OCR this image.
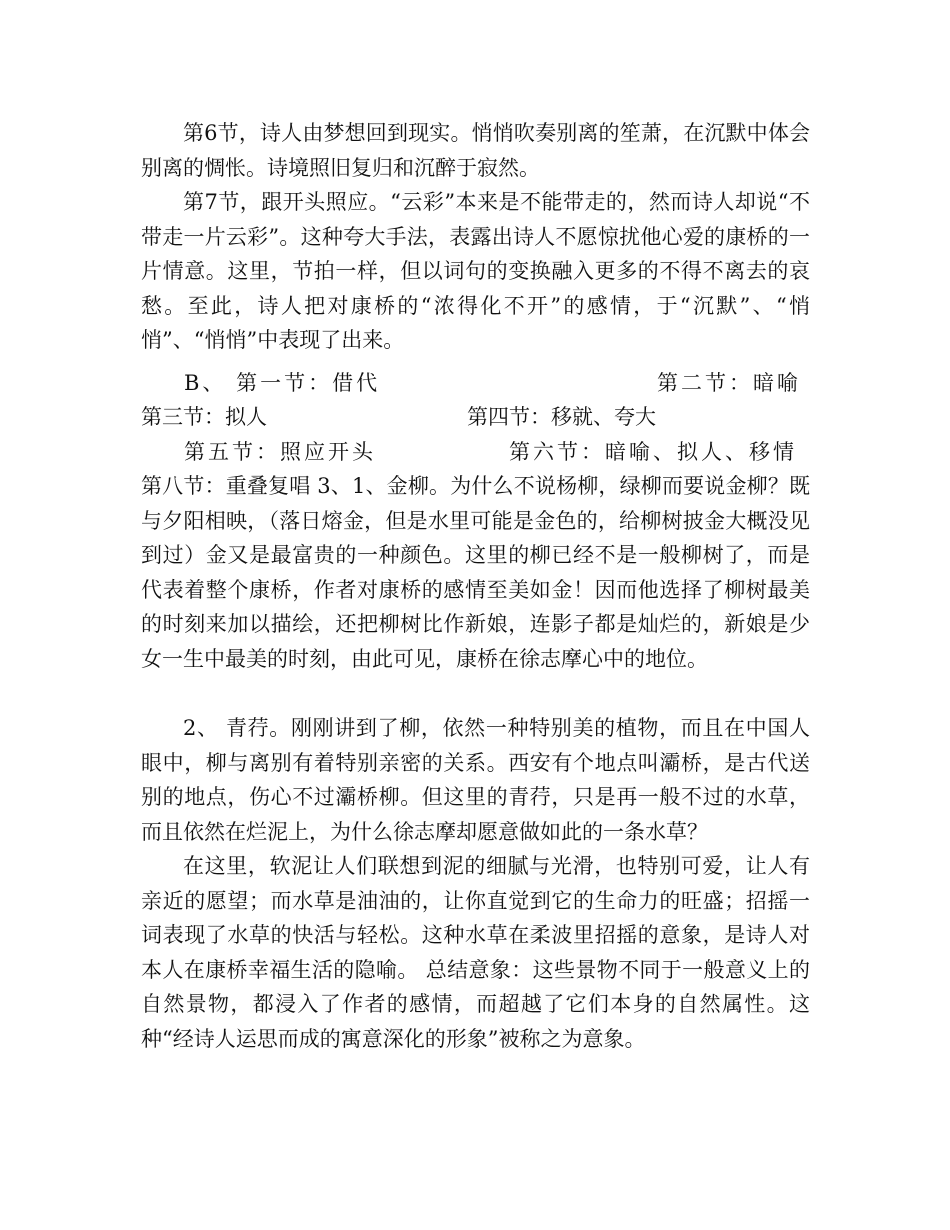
第6节，诗人由梦想回到现实。悄悄吹奏别离的笙萧，在沉默中体会别离的惆怅。诗境照旧复归和沉醉于寂然。

第7节，跟开头照应。“云彩”本来是不能带走的，然而诗人却说“不带走一片云彩”。这种夸大手法，表露出诗人不愿惊扰他心爱的康桥的一片情意。这里，节拍一样，但以词句的变换融入更多的不得不离去的哀愁。至此，诗人把对康桥的“浓得化不开”的感情，于“沉默”、“悄悄”、“悄悄”中表现了出来。

B、 第一节：借代	第二节：暗喻
第三节：拟人	第四节：移就、夸大
第五节：照应开头	第六节：暗喻、拟人、移情

第八节：重叠复唱 3、1、金柳。为什么不说杨柳，绿柳而要说金柳？既与夕阳相映，（落日熔金，但是水里可能是金色的，给柳树披金大概没见到过）金又是最富贵的一种颜色。这里的柳已经不是一般柳树了，而是代表着整个康桥，作者对康桥的感情至美如金！因而他选择了柳树最美的时刻来加以描绘，还把柳树比作新娘，连影子都是灿烂的，新娘是少女一生中最美的时刻，由此可见，康桥在徐志摩心中的地位。

2、 青荇。刚刚讲到了柳，依然一种特别美的植物，而且在中国人眼中，柳与离别有着特别亲密的关系。西安有个地点叫灞桥，是古代送别的地点，伤心不过灞桥柳。但这里的青荇，只是再一般不过的水草，而且依然在烂泥上，为什么徐志摩却愿意做如此的一条水草？

在这里，软泥让人们联想到泥的细腻与光滑，也特别可爱，让人有亲近的愿望；而水草是油油的，让你直觉到它的生命力的旺盛；招摇一词表现了水草的快活与轻松。这种水草在柔波里招摇的意象，是诗人对本人在康桥幸福生活的隐喻。 总结意象：这些景物不同于一般意义上的自然景物，都浸入了作者的感情，而超越了它们本身的自然属性。这种“经诗人运思而成的寓意深化的形象”被称之为意象。
